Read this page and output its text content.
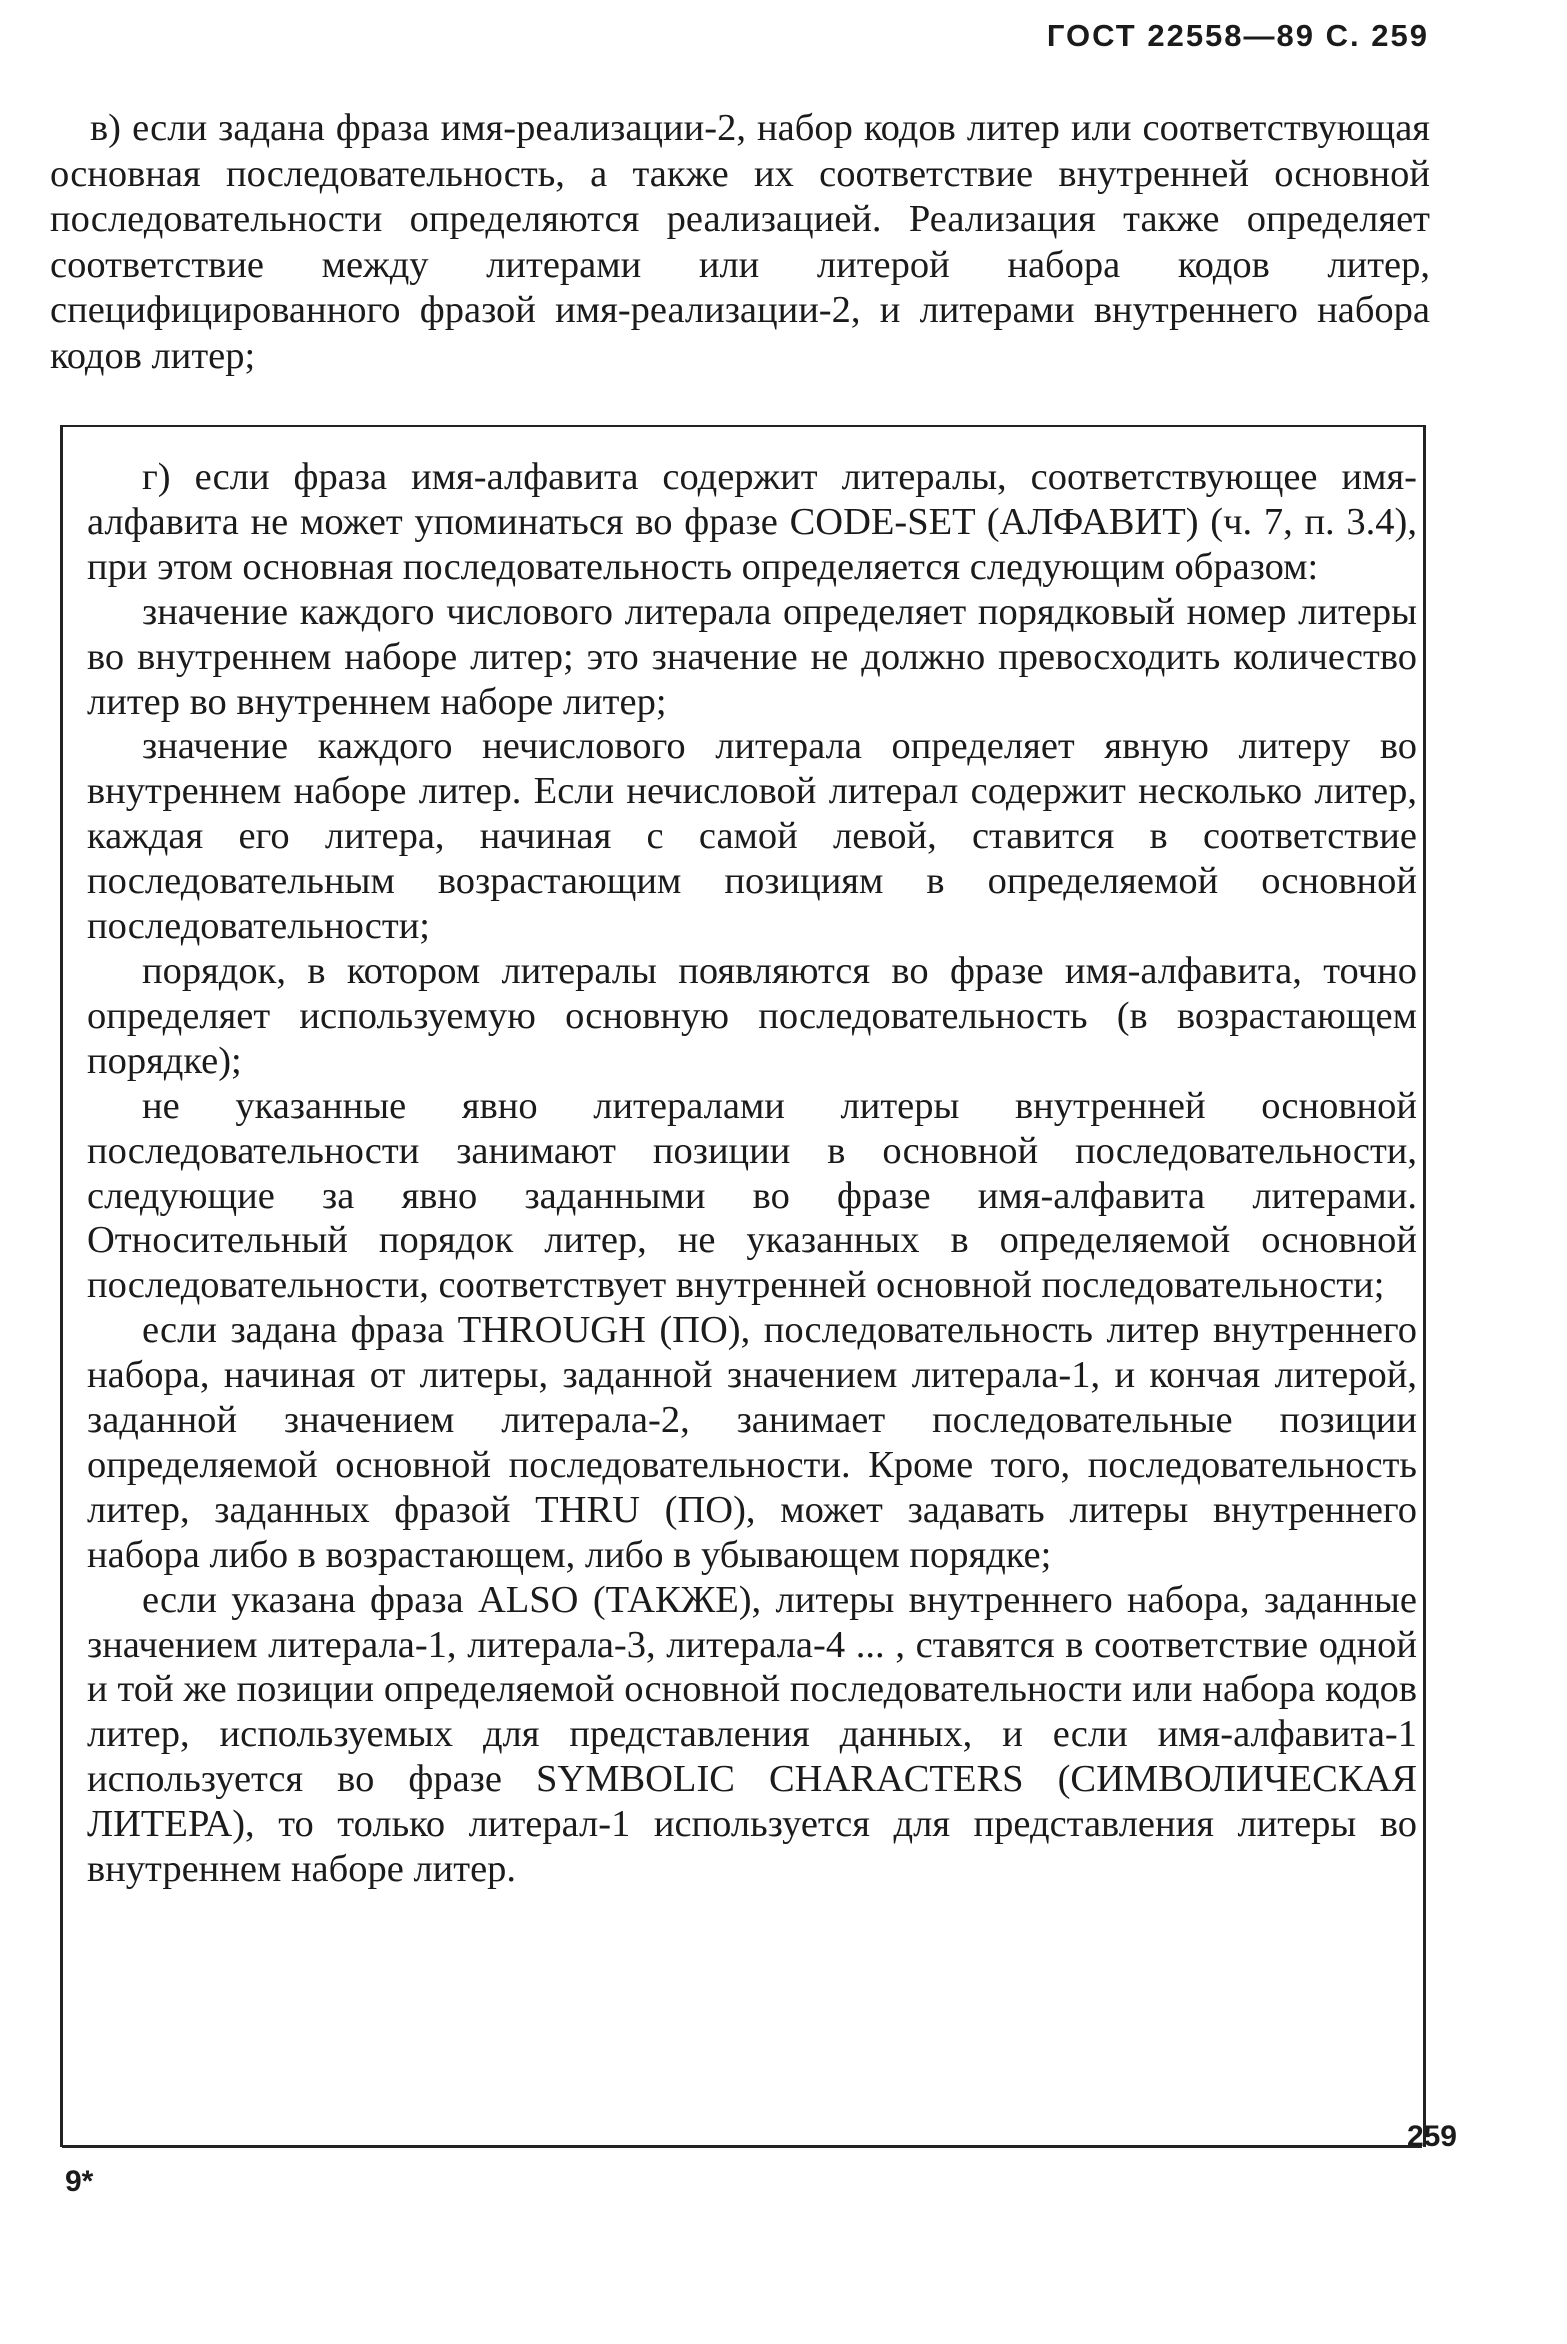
ГОСТ 22558—89 С. 259

в) если задана фраза имя-реализации-2, набор кодов литер или соответствующая основная последовательность, а также их соответствие внутренней основной последовательности определяются реализацией. Реализация также определяет соответствие между литерами или литерой набора кодов литер, специфицированного фразой имя-реализации-2, и литерами внутреннего набора кодов литер;

г) если фраза имя-алфавита содержит литералы, соответствующее имя-алфавита не может упоминаться во фразе CODE-SET (АЛФАВИТ) (ч. 7, п. 3.4), при этом основная последовательность определяется следующим образом:

значение каждого числового литерала определяет порядковый номер литеры во внутреннем наборе литер; это значение не должно превосходить количество литер во внутреннем наборе литер;

значение каждого нечислового литерала определяет явную литеру во внутреннем наборе литер. Если нечисловой литерал содержит несколько литер, каждая его литера, начиная с самой левой, ставится в соответствие последовательным возрастающим позициям в определяемой основной последовательности;

порядок, в котором литералы появляются во фразе имя-алфавита, точно определяет используемую основную последовательность (в возрастающем порядке);

не указанные явно литералами литеры внутренней основной последовательности занимают позиции в основной последовательности, следующие за явно заданными во фразе имя-алфавита литерами. Относительный порядок литер, не указанных в определяемой основной последовательности, соответствует внутренней основной последовательности;

если задана фраза THROUGH (ПО), последовательность литер внутреннего набора, начиная от литеры, заданной значением литерала-1, и кончая литерой, заданной значением литерала-2, занимает последовательные позиции определяемой основной последовательности. Кроме того, последовательность литер, заданных фразой THRU (ПО), может задавать литеры внутреннего набора либо в возрастающем, либо в убывающем порядке;

если указана фраза ALSO (ТАКЖЕ), литеры внутреннего набора, заданные значением литерала-1, литерала-3, литерала-4 ... , ставятся в соответствие одной и той же позиции определяемой основной последовательности или набора кодов литер, используемых для представления данных, и если имя-алфавита-1 используется во фразе SYMBOLIC CHARACTERS (СИМВОЛИЧЕСКАЯ ЛИТЕРА), то только литерал-1 используется для представления литеры во внутреннем наборе литер.

259
9*
